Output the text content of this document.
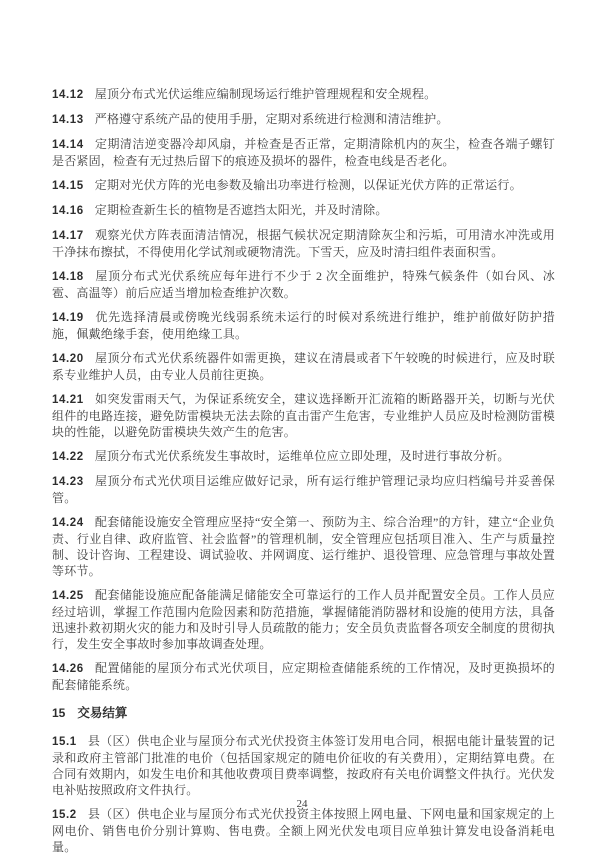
14.12 屋顶分布式光伏运维应编制现场运行维护管理规程和安全规程。

14.13 严格遵守系统产品的使用手册，定期对系统进行检测和清洁维护。

14.14 定期清洁逆变器冷却风扇，并检查是否正常，定期清除机内的灰尘，检查各端子螺钉是否紧固，检查有无过热后留下的痕迹及损坏的器件，检查电线是否老化。

14.15 定期对光伏方阵的光电参数及输出功率进行检测，以保证光伏方阵的正常运行。

14.16 定期检查新生长的植物是否遮挡太阳光，并及时清除。

14.17 观察光伏方阵表面清洁情况，根据气候状况定期清除灰尘和污垢，可用清水冲洗或用干净抹布擦拭，不得使用化学试剂或硬物清洗。下雪天，应及时清扫组件表面积雪。

14.18 屋顶分布式光伏系统应每年进行不少于 2 次全面维护，特殊气候条件（如台风、冰雹、高温等）前后应适当增加检查维护次数。

14.19 优先选择清晨或傍晚光线弱系统未运行的时候对系统进行维护，维护前做好防护措施，佩戴绝缘手套，使用绝缘工具。

14.20 屋顶分布式光伏系统器件如需更换，建议在清晨或者下午较晚的时候进行，应及时联系专业维护人员，由专业人员前往更换。

14.21 如突发雷雨天气，为保证系统安全，建议选择断开汇流箱的断路器开关，切断与光伏组件的电路连接，避免防雷模块无法去除的直击雷产生危害，专业维护人员应及时检测防雷模块的性能，以避免防雷模块失效产生的危害。

14.22 屋顶分布式光伏系统发生事故时，运维单位应立即处理，及时进行事故分析。

14.23 屋顶分布式光伏项目运维应做好记录，所有运行维护管理记录均应归档编号并妥善保管。

14.24 配套储能设施安全管理应坚持“安全第一、预防为主、综合治理”的方针，建立“企业负责、行业自律、政府监管、社会监督”的管理机制，安全管理应包括项目准入、生产与质量控制、设计咨询、工程建设、调试验收、并网调度、运行维护、退役管理、应急管理与事故处置等环节。

14.25 配套储能设施应配备能满足储能安全可靠运行的工作人员并配置安全员。工作人员应经过培训，掌握工作范围内危险因素和防范措施，掌握储能消防器材和设施的使用方法，具备迅速扑救初期火灾的能力和及时引导人员疏散的能力；安全员负责监督各项安全制度的贯彻执行，发生安全事故时参加事故调查处理。

14.26 配置储能的屋顶分布式光伏项目，应定期检查储能系统的工作情况，及时更换损坏的配套储能系统。

15 交易结算

15.1 县（区）供电企业与屋顶分布式光伏投资主体签订发用电合同，根据电能计量装置的记录和政府主管部门批准的电价（包括国家规定的随电价征收的有关费用），定期结算电费。在合同有效期内，如发生电价和其他收费项目费率调整，按政府有关电价调整文件执行。光伏发电补贴按照政府文件执行。

15.2 县（区）供电企业与屋顶分布式光伏投资主体按照上网电量、下网电量和国家规定的上网电价、销售电价分别计算购、售电费。全额上网光伏发电项目应单独计算发电设备消耗电量。

24
